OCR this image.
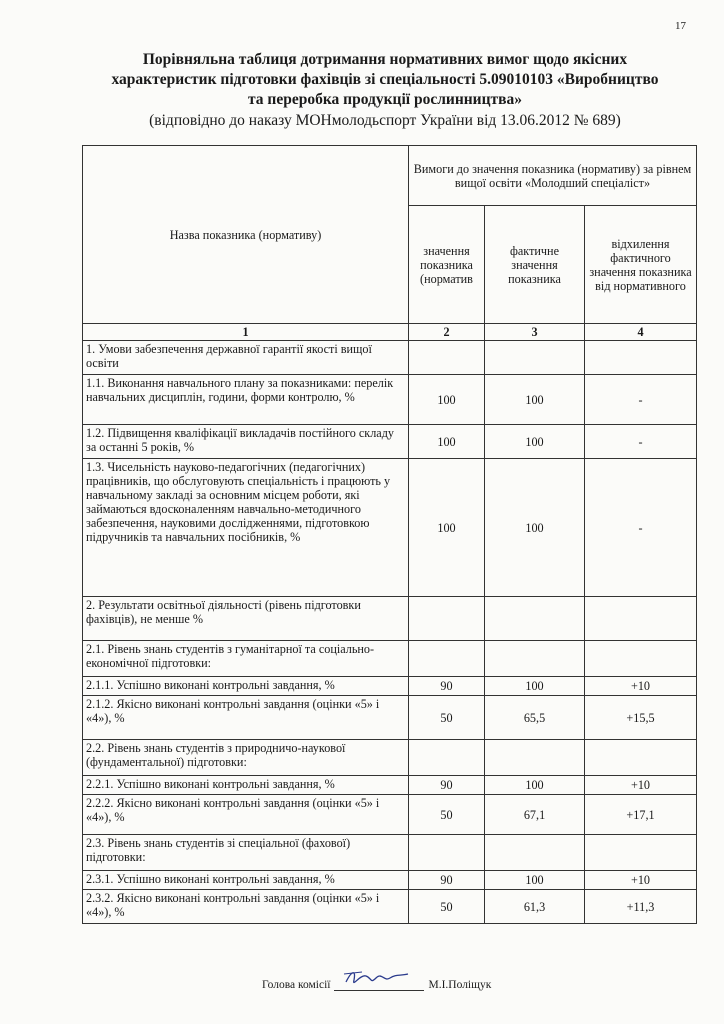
17
Порівняльна таблиця дотримання нормативних вимог щодо якісних
характеристик підготовки фахівців зі спеціальності 5.09010103 «Виробництво
та переробка продукції рослинництва»
(відповідно до наказу МОНмолодьспорт України від 13.06.2012 № 689)
Назва показника (нормативу)	Вимоги до значення показника (нормативу) за рівнем вищої освіти «Молодший спеціаліст»		
	значення показника (норматив	фактичне значення показника	відхилення фактичного значення показника від нормативного
1	2	3	4
1. Умови забезпечення державної гарантії якості вищої освіти			
1.1. Виконання навчального плану за показниками: перелік навчальних дисциплін, години, форми контролю, %	100	100	-
1.2. Підвищення кваліфікації викладачів постійного складу за останні 5 років, %	100	100	-
1.3. Чисельність науково-педагогічних (педагогічних) працівників, що обслуговують спеціальність і працюють у навчальному закладі за основним місцем роботи, які займаються вдосконаленням навчально-методичного забезпечення, науковими дослідженнями, підготовкою підручників та навчальних посібників, %	100	100	-
2. Результати освітньої діяльності (рівень підготовки фахівців), не менше %			
2.1. Рівень знань студентів з гуманітарної та соціально-економічної підготовки:			
2.1.1. Успішно виконані контрольні завдання, %	90	100	+10
2.1.2. Якісно виконані контрольні завдання (оцінки «5» і «4»), %	50	65,5	+15,5
2.2. Рівень знань студентів з природничо-наукової (фундаментальної) підготовки:			
2.2.1. Успішно виконані контрольні завдання, %	90	100	+10
2.2.2. Якісно виконані контрольні завдання (оцінки «5» і «4»), %	50	67,1	+17,1
2.3. Рівень знань студентів зі спеціальної (фахової) підготовки:			
2.3.1. Успішно виконані контрольні завдання, %	90	100	+10
2.3.2. Якісно виконані контрольні завдання (оцінки «5» і «4»), %	50	61,3	+11,3
Голова комісії	М.І.Поліщук
